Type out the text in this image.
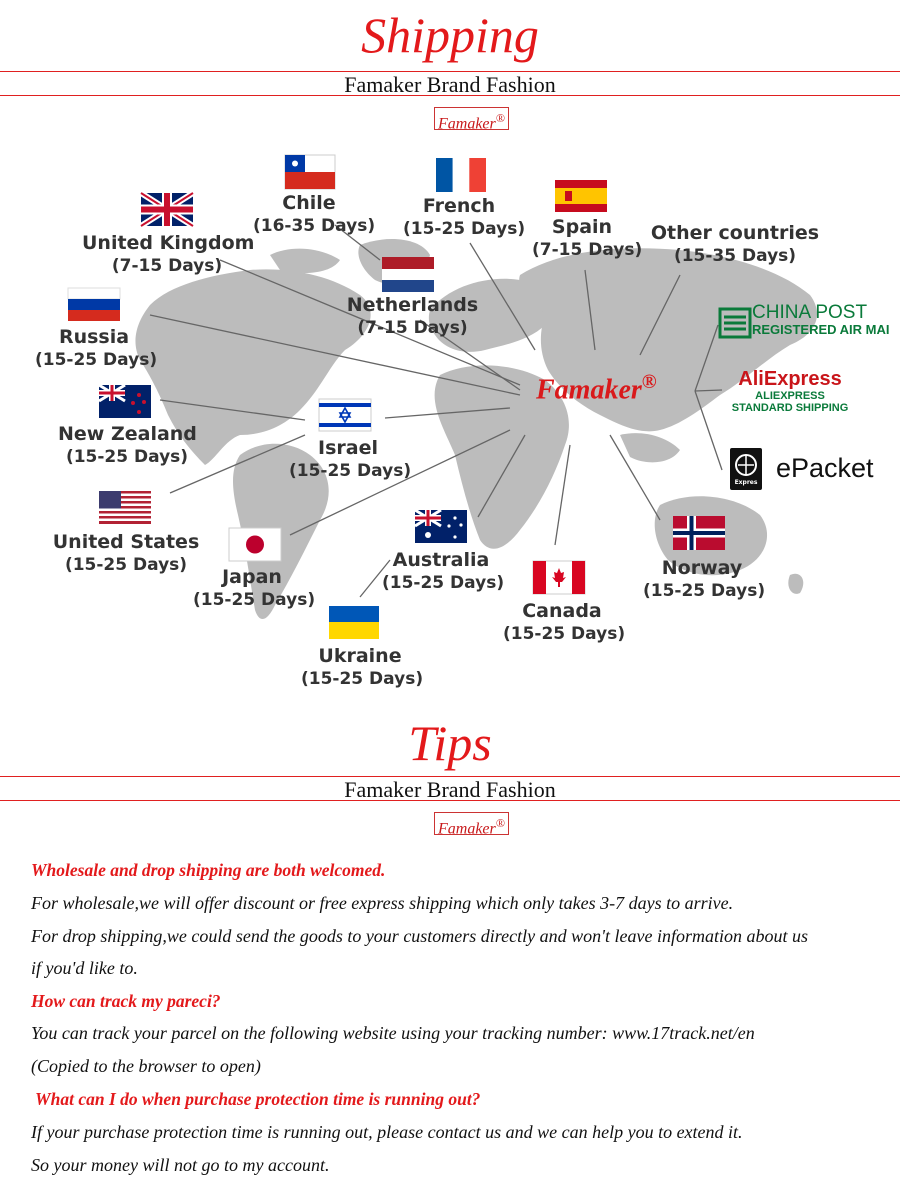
Shipping
Famaker Brand Fashion
Famaker®
Famaker®
Chile
(16-35 Days)
French
(15-25 Days)	Spain
(7-15 Days)
Other countries
(15-35 Days)
United Kingdom
(7-15 Days)
Netherlands
(7-15 Days)
Russia
(15-25 Days)
New Zealand
(15-25 Days)	Israel
(15-25 Days)
United States
(15-25 Days)
Japan
(15-25 Days)
Australia
(15-25 Days)
Canada
(15-25 Days)
Norway
(15-25 Days)
Ukraine
(15-25 Days)
CHINA POST
REGISTERED AIR MAI
AliExpress
ALIEXPRESS
STANDARD SHIPPING
ePacket
Expres
Tips
Famaker Brand Fashion
Famaker®

Wholesale and drop shipping are both welcomed.

For wholesale,we will offer discount or free express shipping which only takes 3-7 days to arrive.

For drop shipping,we could send the goods to your customers directly and won't leave information about us

if you'd like to.

How can track my pareci?

You can track your parcel on the following website using your tracking number: www.17track.net/en

(Copied to the browser to open)

What can I do when purchase protection time is running out?

If your purchase protection time is running out, please contact us and we can help you to extend it.

So your money will not go to my account.
